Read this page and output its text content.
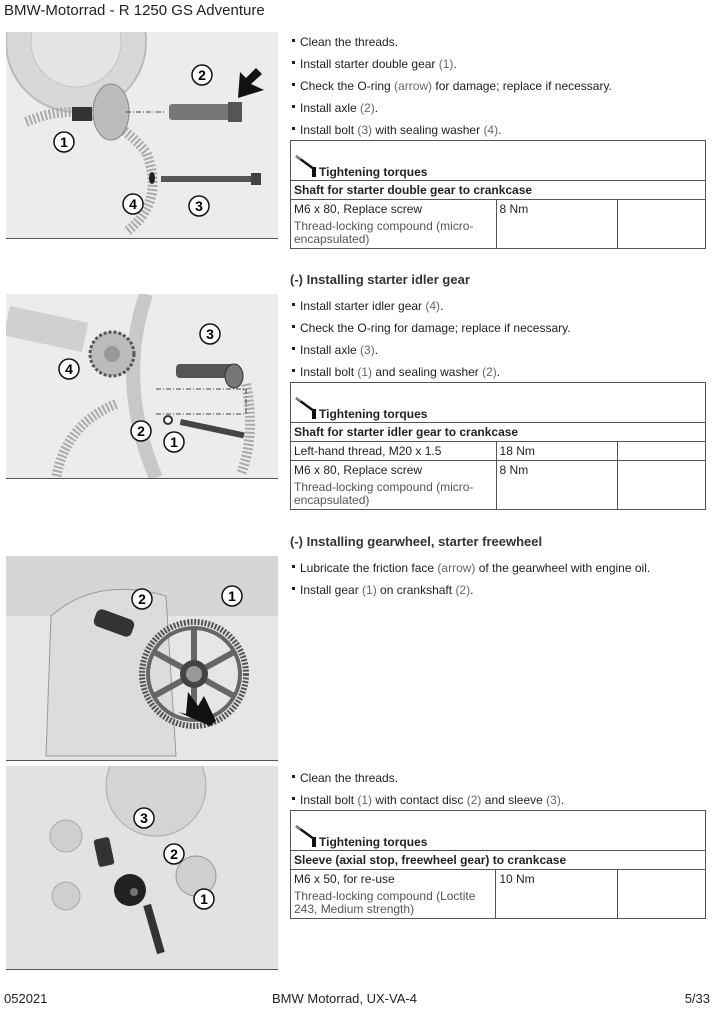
BMW-Motorrad - R 1250 GS Adventure
1
2
3
4
1
2
3
4
1
2
1
2
3
Clean the threads.
Install starter double gear (1).
Check the O-ring (arrow) for damage; replace if necessary.
Install axle (2).
Install bolt (3) with sealing washer (4).
Tightening torques
Shaft for starter double gear to crankcase
M6 x 80, Replace screw
Thread-locking compound (micro-encapsulated)
	8 Nm	
(-) Installing starter idler gear
Install starter idler gear (4).
Check the O-ring for damage; replace if necessary.
Install axle (3).
Install bolt (1) and sealing washer (2).
Tightening torques		
Shaft for starter idler gear to crankcase		
Left-hand thread, M20 x 1.5	18 Nm	
M6 x 80, Replace screw
Thread-locking compound (micro-encapsulated)	8 Nm	
(-) Installing gearwheel, starter freewheel
Lubricate the friction face (arrow) of the gearwheel with engine oil.
Install gear (1) on crankshaft (2).
Clean the threads.
Install bolt (1) with contact disc (2) and sleeve (3).
Tightening torques
Sleeve (axial stop, freewheel gear) to crankcase
M6 x 50, for re-use
Thread-locking compound (Loctite 243, Medium strength)
	10 Nm	
052021	BMW Motorrad, UX-VA-4	5/33
